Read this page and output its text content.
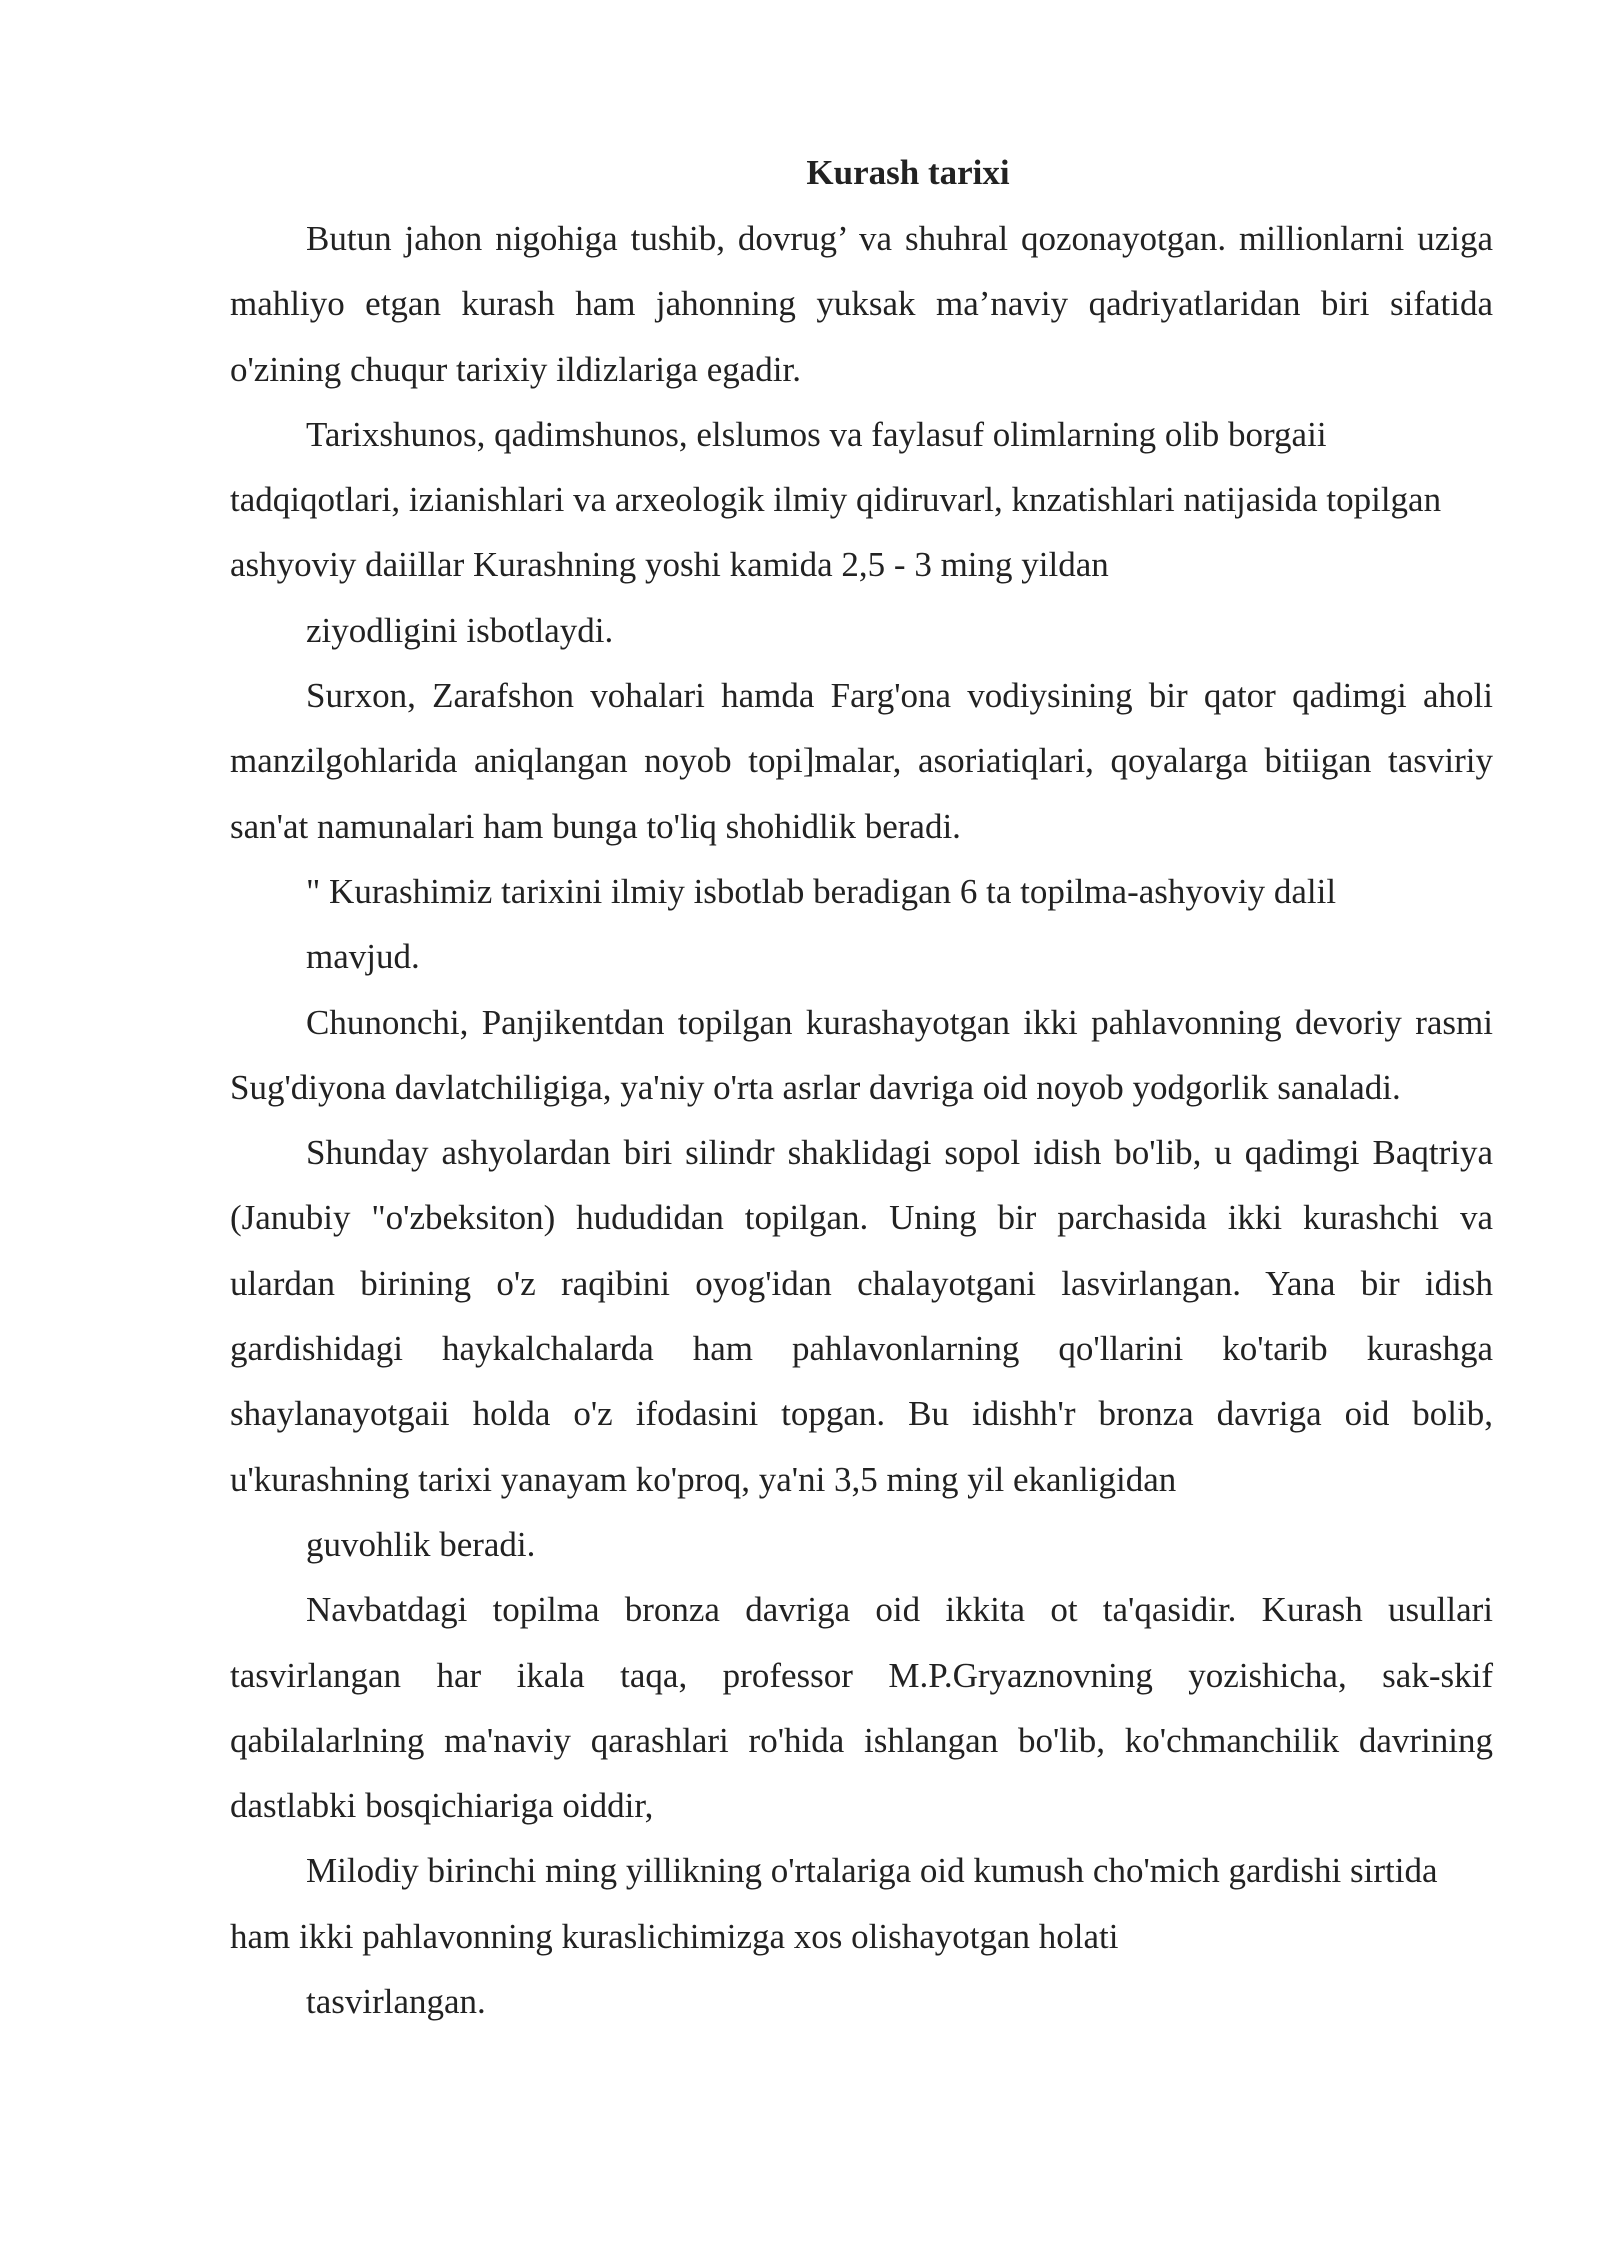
Kurash tarixi

Butun jahon nigohiga tushib, dovrug’ va shuhral qozonayotgan. millionlarni uziga mahliyo etgan kurash ham jahonning yuksak ma’naviy qadriyatlaridan biri sifatida o'zining chuqur tarixiy ildizlariga egadir.

Tarixshunos, qadimshunos, elslumos va faylasuf olimlarning olib borgaii tadqiqotlari, izianishlari va arxeologik ilmiy qidiruvarl, knzatishlari natijasida topilgan ashyoviy daiillar Kurashning yoshi kamida 2,5 - 3 ming yildan

ziyodligini isbotlaydi.

Surxon, Zarafshon vohalari hamda Farg'ona vodiysining bir qator qadimgi aholi manzilgohlarida aniqlangan noyob topi]malar, asoriatiqlari, qoyalarga bitiigan tasviriy san'at namunalari ham bunga to'liq shohidlik beradi.

" Kurashimiz tarixini ilmiy isbotlab beradigan 6 ta topilma-ashyoviy dalil

mavjud.

Chunonchi, Panjikentdan topilgan kurashayotgan ikki pahlavonning devoriy rasmi Sug'diyona davlatchiligiga, ya'niy o'rta asrlar davriga oid noyob yodgorlik sanaladi.

Shunday ashyolardan biri silindr shaklidagi sopol idish bo'lib, u qadimgi Baqtriya (Janubiy "o'zbeksiton) hududidan topilgan. Uning bir parchasida ikki kurashchi va ulardan birining o'z raqibini oyog'idan chalayotgani lasvirlangan. Yana bir idish gardishidagi haykalchalarda ham pahlavonlarning qo'llarini ko'tarib kurashga shaylanayotgaii holda o'z ifodasini topgan. Bu idishh'r bronza davriga oid bolib, u'kurashning tarixi yanayam ko'proq, ya'ni 3,5 ming yil ekanligidan

guvohlik beradi.

Navbatdagi topilma bronza davriga oid ikkita ot ta'qasidir. Kurash usullari tasvirlangan har ikala taqa, professor M.P.Gryaznovning yozishicha, sak-skif qabilalarlning ma'naviy qarashlari ro'hida ishlangan bo'lib, ko'chmanchilik davrining dastlabki bosqichiariga oiddir,

Milodiy birinchi ming yillikning o'rtalariga oid kumush cho'mich gardishi sirtida ham ikki pahlavonning kuraslichimizga xos olishayotgan holati

tasvirlangan.
